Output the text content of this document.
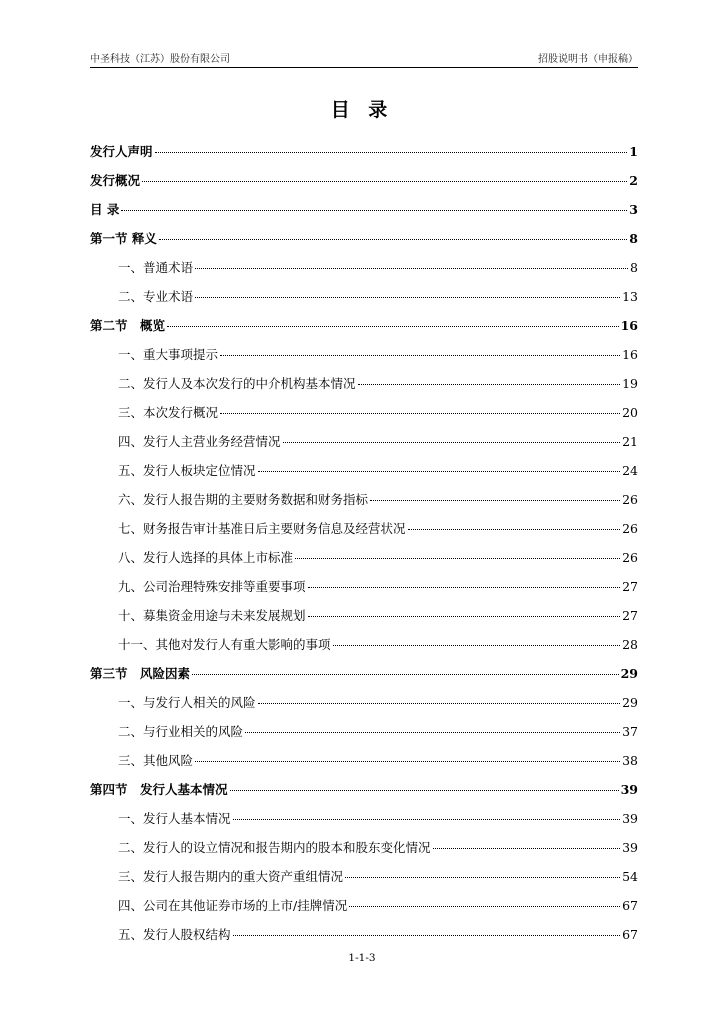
中圣科技（江苏）股份有限公司	招股说明书（申报稿）
目 录
发行人声明	1
发行概况	2
目 录	3
第一节 释义	8
一、普通术语	8
二、专业术语	13
第二节　概览	16
一、重大事项提示	16
二、发行人及本次发行的中介机构基本情况	19
三、本次发行概况	20
四、发行人主营业务经营情况	21
五、发行人板块定位情况	24
六、发行人报告期的主要财务数据和财务指标	26
七、财务报告审计基准日后主要财务信息及经营状况	26
八、发行人选择的具体上市标准	26
九、公司治理特殊安排等重要事项	27
十、募集资金用途与未来发展规划	27
十一、其他对发行人有重大影响的事项	28
第三节　风险因素	29
一、与发行人相关的风险	29
二、与行业相关的风险	37
三、其他风险	38
第四节　发行人基本情况	39
一、发行人基本情况	39
二、发行人的设立情况和报告期内的股本和股东变化情况	39
三、发行人报告期内的重大资产重组情况	54
四、公司在其他证券市场的上市/挂牌情况	67
五、发行人股权结构	67
1-1-3
